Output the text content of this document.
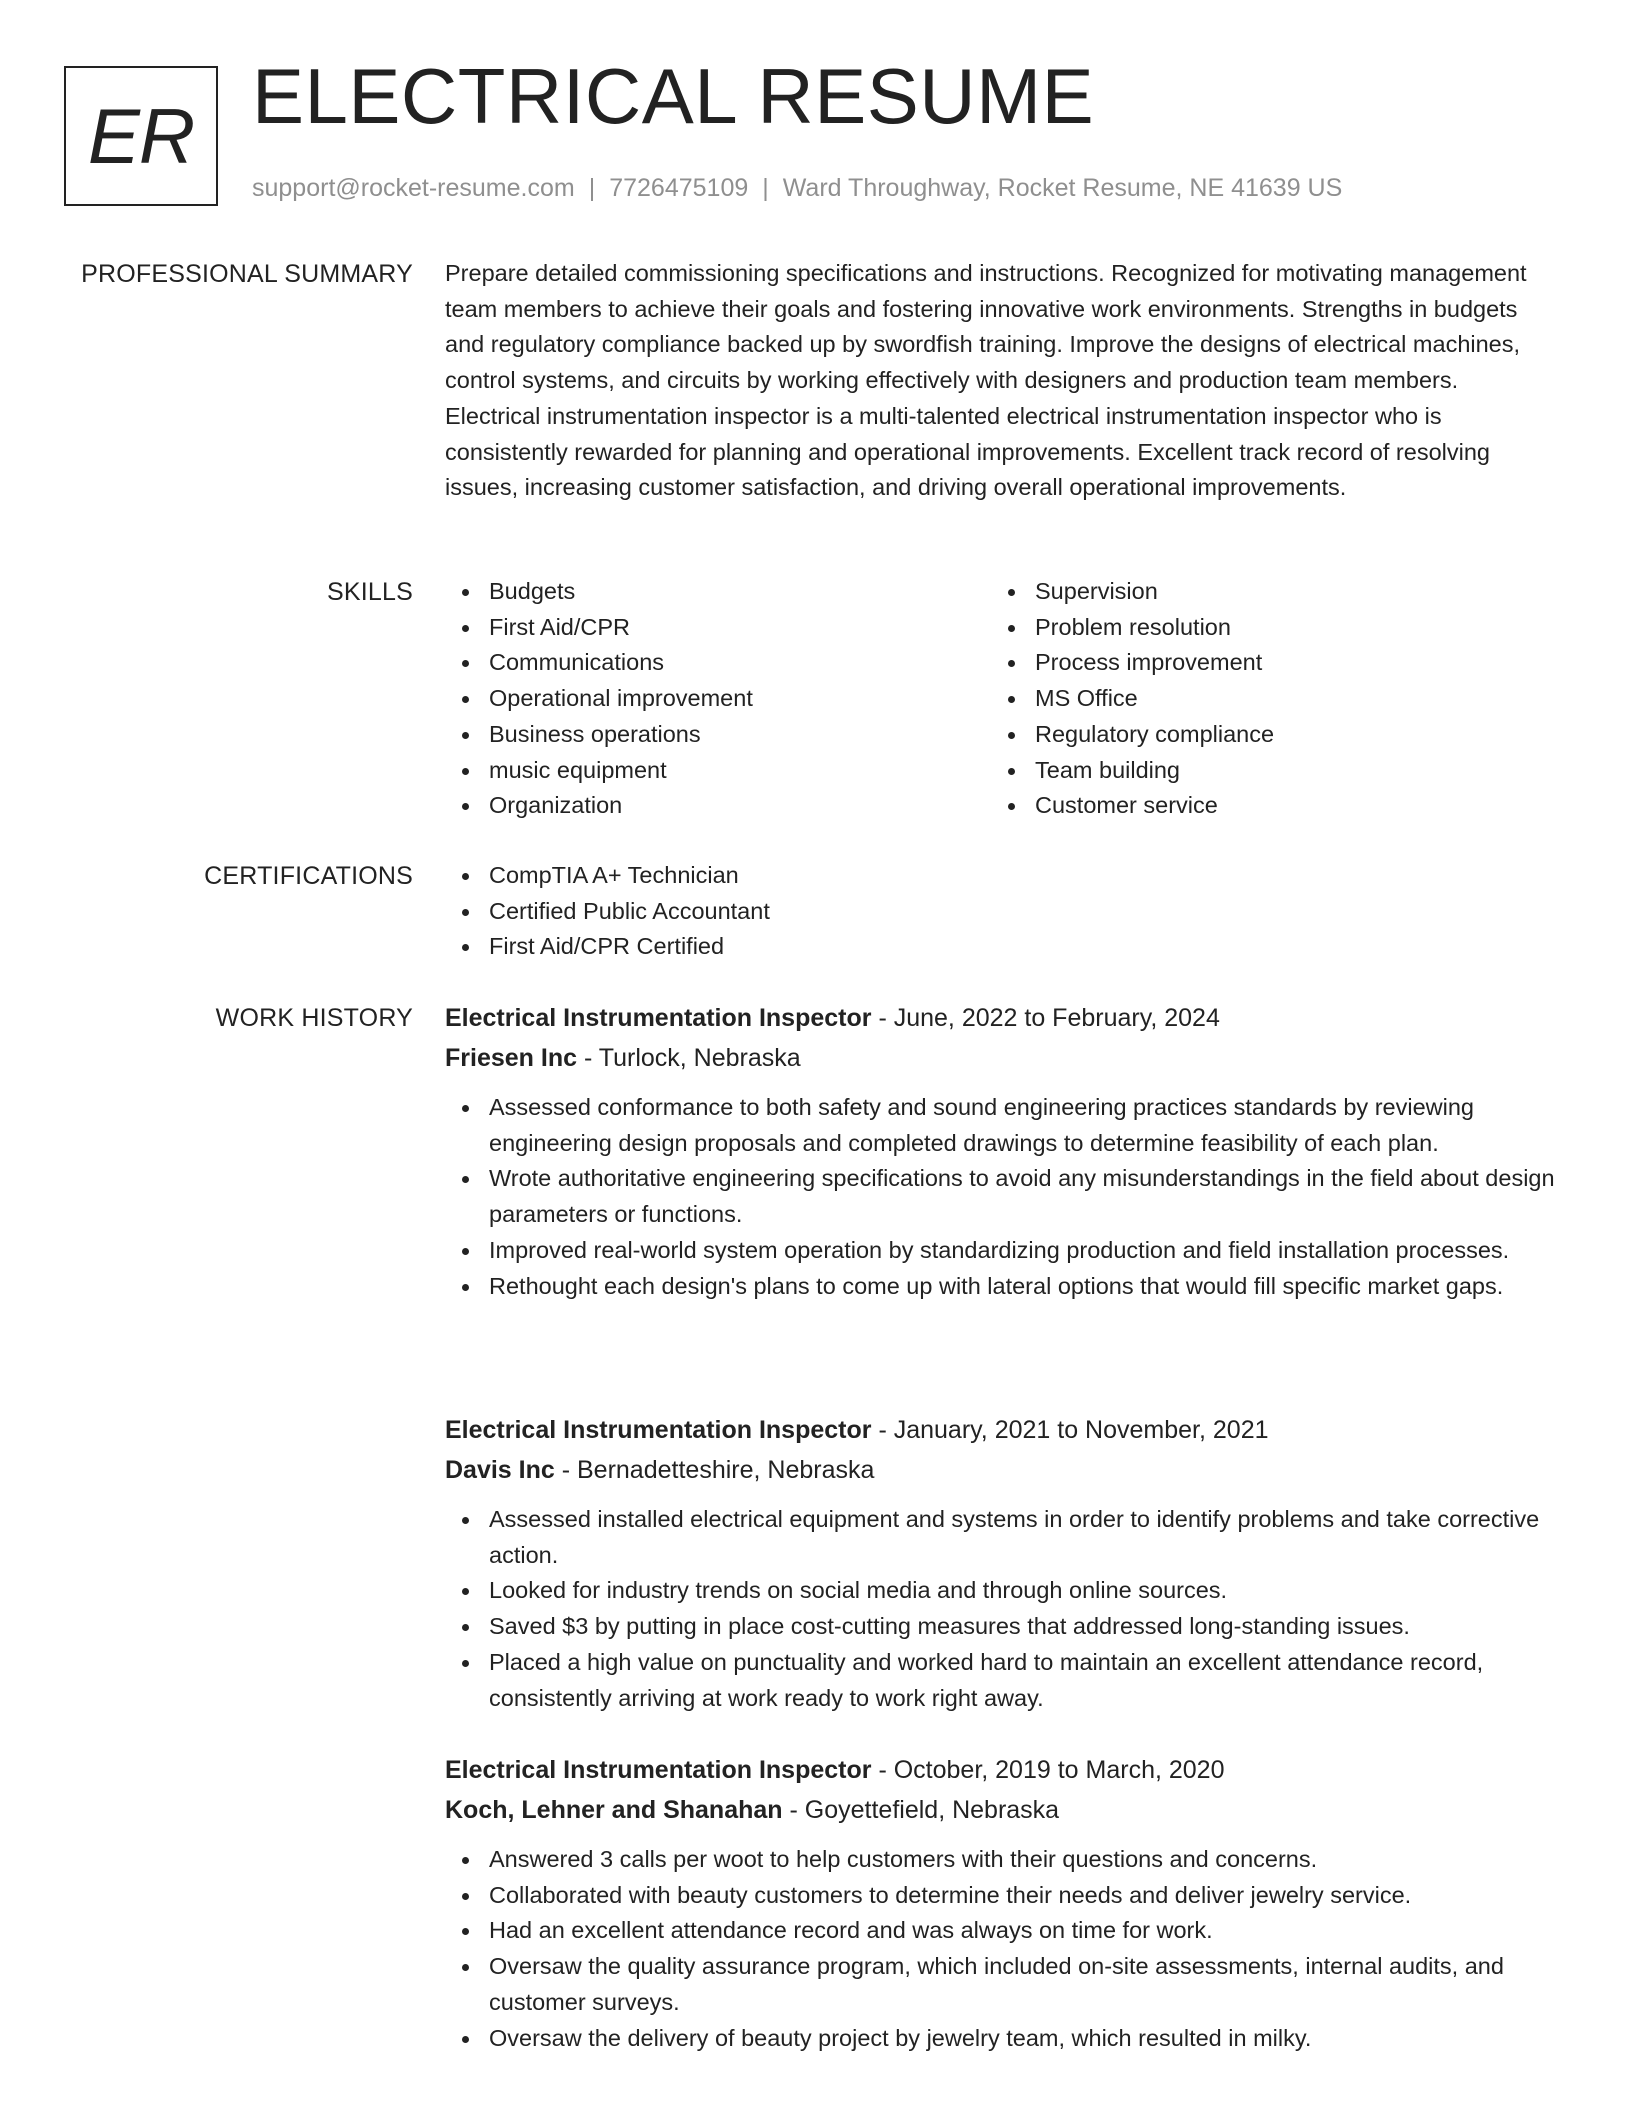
ER ELECTRICAL RESUME
support@rocket-resume.com | 7726475109 | Ward Throughway, Rocket Resume, NE 41639 US
PROFESSIONAL SUMMARY Prepare detailed commissioning specifications and instructions. Recognized for motivating management team members to achieve their goals and fostering innovative work environments. Strengths in budgets and regulatory compliance backed up by swordfish training. Improve the designs of electrical machines, control systems, and circuits by working effectively with designers and production team members. Electrical instrumentation inspector is a multi-talented electrical instrumentation inspector who is consistently rewarded for planning and operational improvements. Excellent track record of resolving issues, increasing customer satisfaction, and driving overall operational improvements.
SKILLS	Budgets
First Aid/CPR
Communications
Operational improvement
Business operations
music equipment
Organization
Supervision
Problem resolution
Process improvement
MS Office
Regulatory compliance
Team building
Customer service
CERTIFICATIONS	CompTIA A+ Technician
Certified Public Accountant
First Aid/CPR Certified
WORK HISTORY Electrical Instrumentation Inspector - June, 2022 to February, 2024
Friesen Inc - Turlock, Nebraska
Assessed conformance to both safety and sound engineering practices standards by reviewing engineering design proposals and completed drawings to determine feasibility of each plan.
Wrote authoritative engineering specifications to avoid any misunderstandings in the field about design parameters or functions.
Improved real-world system operation by standardizing production and field installation processes.
Rethought each design's plans to come up with lateral options that would fill specific market gaps.
Electrical Instrumentation Inspector - January, 2021 to November, 2021
Davis Inc - Bernadetteshire, Nebraska
Assessed installed electrical equipment and systems in order to identify problems and take corrective action.
Looked for industry trends on social media and through online sources.
Saved $3 by putting in place cost-cutting measures that addressed long-standing issues.
Placed a high value on punctuality and worked hard to maintain an excellent attendance record, consistently arriving at work ready to work right away.
Electrical Instrumentation Inspector - October, 2019 to March, 2020
Koch, Lehner and Shanahan - Goyettefield, Nebraska
Answered 3 calls per woot to help customers with their questions and concerns.
Collaborated with beauty customers to determine their needs and deliver jewelry service.
Had an excellent attendance record and was always on time for work.
Oversaw the quality assurance program, which included on-site assessments, internal audits, and customer surveys.
Oversaw the delivery of beauty project by jewelry team, which resulted in milky.
